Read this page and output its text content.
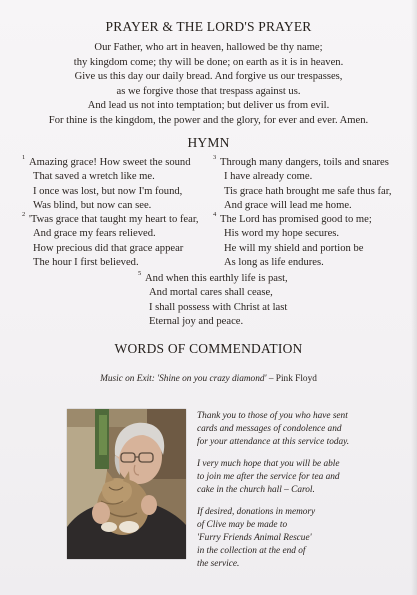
PRAYER & THE LORD'S PRAYER
Our Father, who art in heaven, hallowed be thy name;
thy kingdom come; thy will be done; on earth as it is in heaven.
Give us this day our daily bread. And forgive us our trespasses,
as we forgive those that trespass against us.
And lead us not into temptation; but deliver us from evil.
For thine is the kingdom, the power and the glory, for ever and ever. Amen.
HYMN
1 Amazing grace! How sweet the sound
That saved a wretch like me.
I once was lost, but now I'm found,
Was blind, but now can see.
3 Through many dangers, toils and snares
I have already come.
Tis grace hath brought me safe thus far,
And grace will lead me home.
2 'Twas grace that taught my heart to fear,
And grace my fears relieved.
How precious did that grace appear
The hour I first believed.
4 The Lord has promised good to me;
His word my hope secures.
He will my shield and portion be
As long as life endures.
5 And when this earthly life is past,
And mortal cares shall cease,
I shall possess with Christ at last
Eternal joy and peace.
WORDS OF COMMENDATION
Music on Exit: 'Shine on you crazy diamond' – Pink Floyd

Thank you to those of you who have sent
cards and messages of condolence and
for your attendance at this service today.

I very much hope that you will be able
to join me after the service for tea and
cake in the church hall – Carol.

If desired, donations in memory
of Clive may be made to
'Furry Friends Animal Rescue'
in the collection at the end of
the service.
